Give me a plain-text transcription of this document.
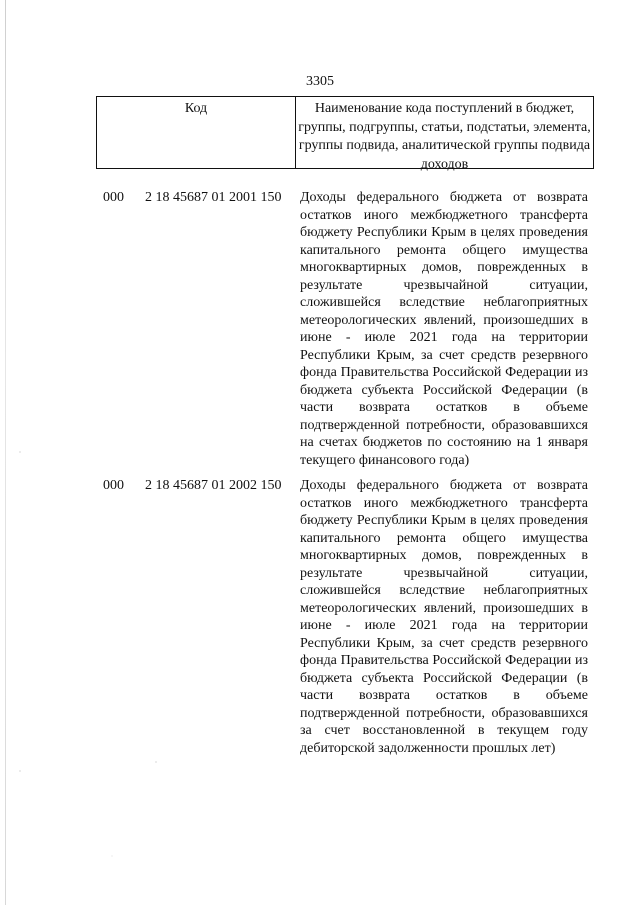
3305
Код	Наименование кода поступлений в бюджет, группы, подгруппы, статьи, подстатьи, элемента, группы подвида, аналитической группы подвида доходов
000 2 18 45687 01 2001 150 Доходы федерального бюджета от возврата остатков иного межбюджетного трансферта бюджету Республики Крым в целях проведения капитального ремонта общего имущества многоквартирных домов, поврежденных в результате чрезвычайной ситуации, сложившейся вследствие неблагоприятных метеорологических явлений, произошедших в июне - июле 2021 года на территории Республики Крым, за счет средств резервного фонда Правительства Российской Федерации из бюджета субъекта Российской Федерации (в части возврата остатков в объеме подтвержденной потребности, образовавшихся на счетах бюджетов по состоянию на 1 января текущего финансового года)
000 2 18 45687 01 2002 150 Доходы федерального бюджета от возврата остатков иного межбюджетного трансферта бюджету Республики Крым в целях проведения капитального ремонта общего имущества многоквартирных домов, поврежденных в результате чрезвычайной ситуации, сложившейся вследствие неблагоприятных метеорологических явлений, произошедших в июне - июле 2021 года на территории Республики Крым, за счет средств резервного фонда Правительства Российской Федерации из бюджета субъекта Российской Федерации (в части возврата остатков в объеме подтвержденной потребности, образовавшихся за счет восстановленной в текущем году дебиторской задолженности прошлых лет)
